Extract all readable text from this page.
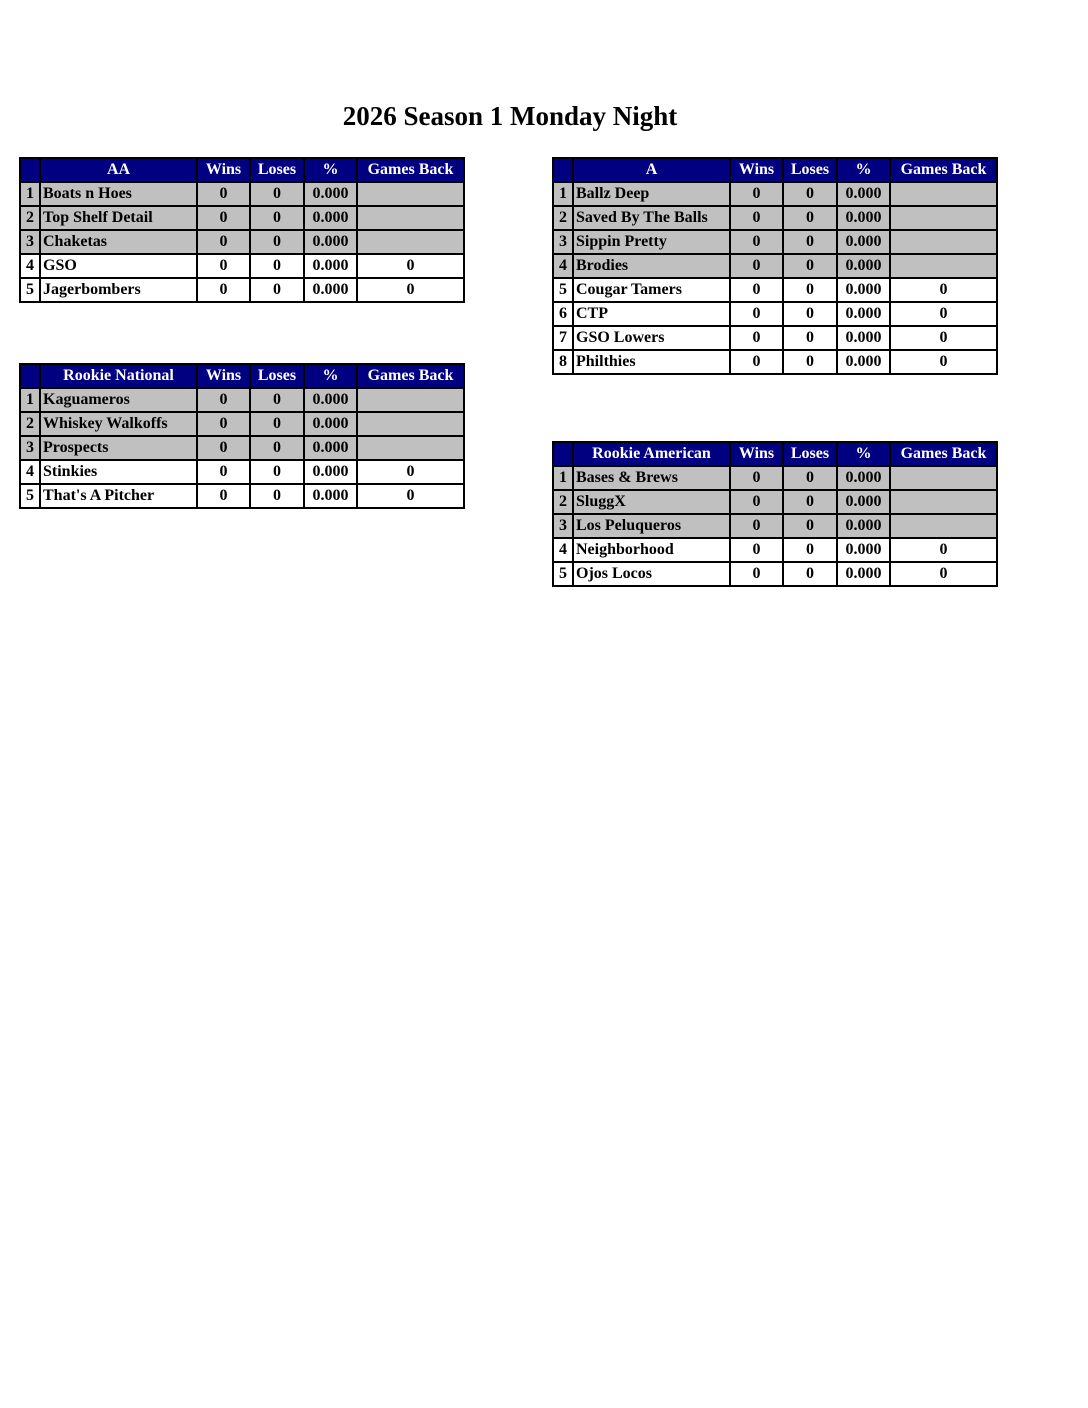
2026 Season 1 Monday Night
	AA	Wins	Loses	%	Games Back
1	Boats n Hoes	0	0	0.000	
2	Top Shelf Detail	0	0	0.000	
3	Chaketas	0	0	0.000	
4	GSO	0	0	0.000	0
5	Jagerbombers	0	0	0.000	0
	Rookie National	Wins	Loses	%	Games Back
1	Kaguameros	0	0	0.000	
2	Whiskey Walkoffs	0	0	0.000	
3	Prospects	0	0	0.000	
4	Stinkies	0	0	0.000	0
5	That's A Pitcher	0	0	0.000	0
	A	Wins	Loses	%	Games Back
1	Ballz Deep	0	0	0.000	
2	Saved By The Balls	0	0	0.000	
3	Sippin Pretty	0	0	0.000	
4	Brodies	0	0	0.000	
5	Cougar Tamers	0	0	0.000	0
6	CTP	0	0	0.000	0
7	GSO Lowers	0	0	0.000	0
8	Philthies	0	0	0.000	0
	Rookie American	Wins	Loses	%	Games Back
1	Bases & Brews	0	0	0.000	
2	SluggX	0	0	0.000	
3	Los Peluqueros	0	0	0.000	
4	Neighborhood	0	0	0.000	0
5	Ojos Locos	0	0	0.000	0
